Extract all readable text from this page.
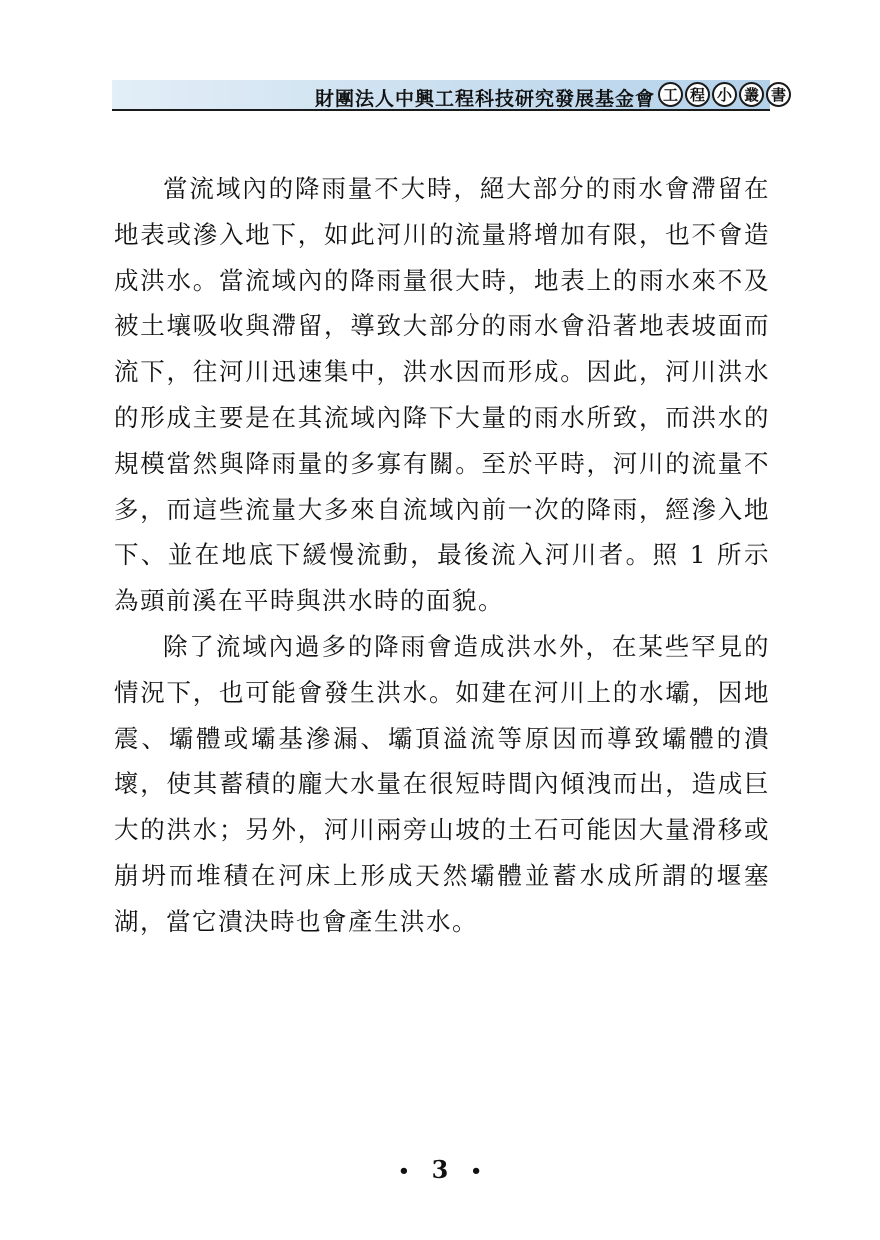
財團法人中興工程科技研究發展基金會 工 程 小 叢 書

當流域內的降雨量不大時，絕大部分的雨水會滯留在地表或滲入地下，如此河川的流量將增加有限，也不會造成洪水。當流域內的降雨量很大時，地表上的雨水來不及被土壤吸收與滯留，導致大部分的雨水會沿著地表坡面而流下，往河川迅速集中，洪水因而形成。因此，河川洪水的形成主要是在其流域內降下大量的雨水所致，而洪水的規模當然與降雨量的多寡有關。至於平時，河川的流量不多，而這些流量大多來自流域內前一次的降雨，經滲入地下、並在地底下緩慢流動，最後流入河川者。照 1 所示為頭前溪在平時與洪水時的面貌。

除了流域內過多的降雨會造成洪水外，在某些罕見的情況下，也可能會發生洪水。如建在河川上的水壩，因地震、壩體或壩基滲漏、壩頂溢流等原因而導致壩體的潰壞，使其蓄積的龐大水量在很短時間內傾洩而出，造成巨大的洪水；另外，河川兩旁山坡的土石可能因大量滑移或崩坍而堆積在河床上形成天然壩體並蓄水成所謂的堰塞湖，當它潰決時也會產生洪水。

• 3 •
